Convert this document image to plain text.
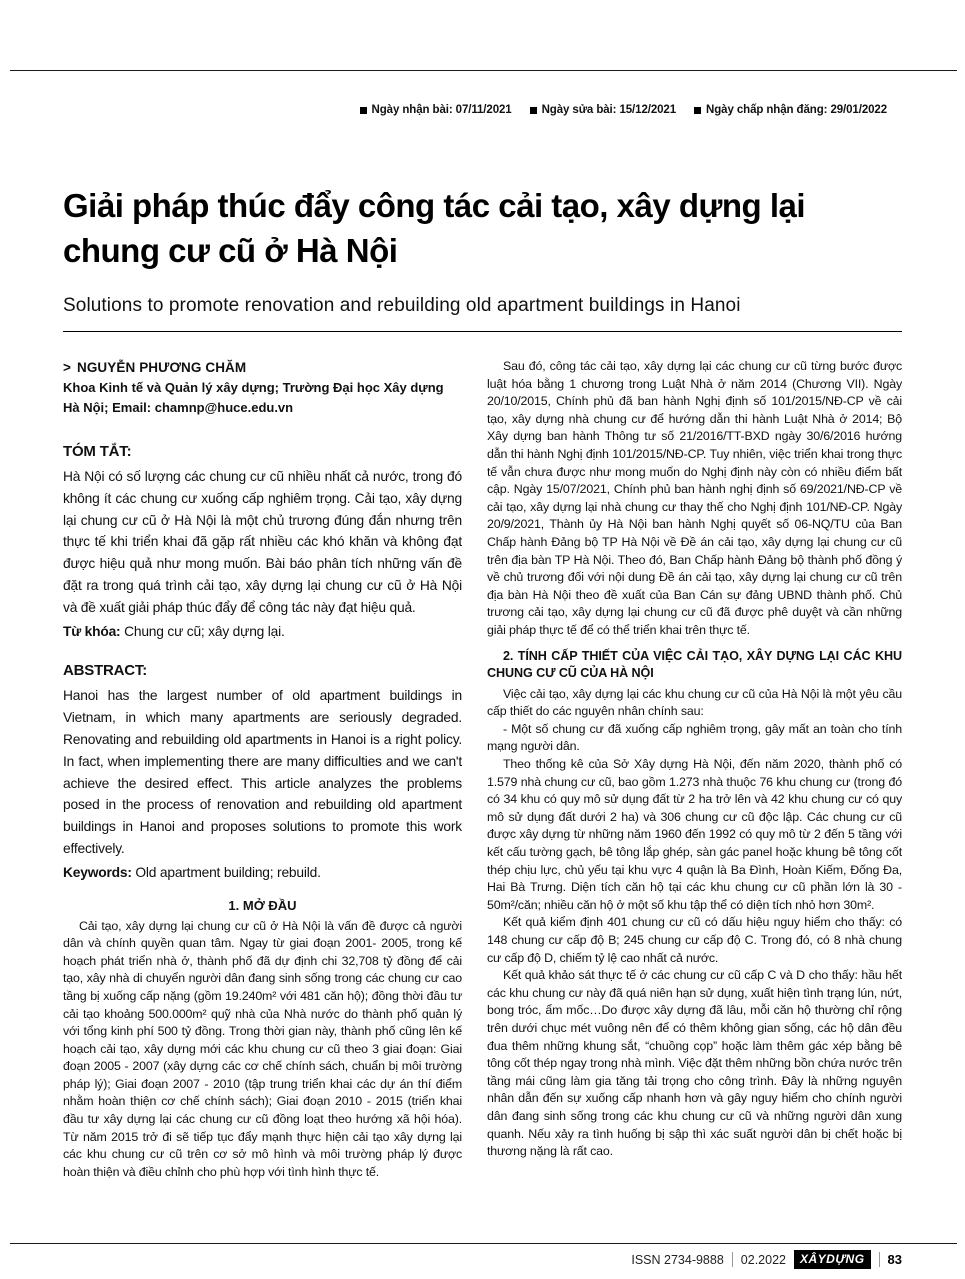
Ngày nhận bài: 07/11/2021	Ngày sửa bài: 15/12/2021	Ngày chấp nhận đăng: 29/01/2022
Giải pháp thúc đẩy công tác cải tạo, xây dựng lại chung cư cũ ở Hà Nội
Solutions to promote renovation and rebuilding old apartment buildings in Hanoi
> NGUYỄN PHƯƠNG CHĂM
Khoa Kinh tế và Quản lý xây dựng; Trường Đại học Xây dựng Hà Nội; Email: chamnp@huce.edu.vn
TÓM TẮT:
Hà Nội có số lượng các chung cư cũ nhiều nhất cả nước, trong đó không ít các chung cư xuống cấp nghiêm trọng. Cải tạo, xây dựng lại chung cư cũ ở Hà Nội là một chủ trương đúng đắn nhưng trên thực tế khi triển khai đã gặp rất nhiều các khó khăn và không đạt được hiệu quả như mong muốn. Bài báo phân tích những vấn đề đặt ra trong quá trình cải tạo, xây dựng lại chung cư cũ ở Hà Nội và đề xuất giải pháp thúc đẩy để công tác này đạt hiệu quả.
Từ khóa: Chung cư cũ; xây dựng lại.
ABSTRACT:
Hanoi has the largest number of old apartment buildings in Vietnam, in which many apartments are seriously degraded. Renovating and rebuilding old apartments in Hanoi is a right policy. In fact, when implementing there are many difficulties and we can't achieve the desired effect. This article analyzes the problems posed in the process of renovation and rebuilding old apartment buildings in Hanoi and proposes solutions to promote this work effectively.
Keywords: Old apartment building; rebuild.
1. MỞ ĐẦU

Cải tạo, xây dựng lại chung cư cũ ở Hà Nội là vấn đề được cả người dân và chính quyền quan tâm. Ngay từ giai đoạn 2001- 2005, trong kế hoạch phát triển nhà ở, thành phố đã dự định chi 32,708 tỷ đồng để cải tạo, xây nhà di chuyển người dân đang sinh sống trong các chung cư cao tầng bị xuống cấp nặng (gồm 19.240m² với 481 căn hộ); đồng thời đầu tư cải tạo khoảng 500.000m² quỹ nhà của Nhà nước do thành phố quản lý với tổng kinh phí 500 tỷ đồng. Trong thời gian này, thành phố cũng lên kế hoạch cải tạo, xây dựng mới các khu chung cư cũ theo 3 giai đoạn: Giai đoạn 2005 - 2007 (xây dựng các cơ chế chính sách, chuẩn bị môi trường pháp lý); Giai đoạn 2007 - 2010 (tập trung triển khai các dự án thí điểm nhằm hoàn thiện cơ chế chính sách); Giai đoạn 2010 - 2015 (triển khai đầu tư xây dựng lại các chung cư cũ đồng loạt theo hướng xã hội hóa). Từ năm 2015 trở đi sẽ tiếp tục đẩy mạnh thực hiện cải tạo xây dựng lại các khu chung cư cũ trên cơ sở mô hình và môi trường pháp lý được hoàn thiện và điều chỉnh cho phù hợp với tình hình thực tế.

Sau đó, công tác cải tạo, xây dựng lại các chung cư cũ từng bước được luật hóa bằng 1 chương trong Luật Nhà ở năm 2014 (Chương VII). Ngày 20/10/2015, Chính phủ đã ban hành Nghị định số 101/2015/NĐ-CP về cải tạo, xây dựng nhà chung cư để hướng dẫn thi hành Luật Nhà ở 2014; Bộ Xây dựng ban hành Thông tư số 21/2016/TT-BXD ngày 30/6/2016 hướng dẫn thi hành Nghị định 101/2015/NĐ-CP. Tuy nhiên, việc triển khai trong thực tế vẫn chưa được như mong muốn do Nghị định này còn có nhiều điểm bất cập. Ngày 15/07/2021, Chính phủ ban hành nghị định số 69/2021/NĐ-CP về cải tạo, xây dựng lại nhà chung cư thay thế cho Nghị định 101/NĐ-CP. Ngày 20/9/2021, Thành ủy Hà Nội ban hành Nghị quyết số 06-NQ/TU của Ban Chấp hành Đảng bộ TP Hà Nội về Đề án cải tạo, xây dựng lại chung cư cũ trên địa bàn TP Hà Nội. Theo đó, Ban Chấp hành Đảng bộ thành phố đồng ý về chủ trương đối với nội dung Đề án cải tạo, xây dựng lại chung cư cũ trên địa bàn Hà Nội theo đề xuất của Ban Cán sự đảng UBND thành phố. Chủ trương cải tạo, xây dựng lại chung cư cũ đã được phê duyệt và cần những giải pháp thực tế để có thể triển khai trên thực tế.

2. TÍNH CẤP THIẾT CỦA VIỆC CẢI TẠO, XÂY DỰNG LẠI CÁC KHU CHUNG CƯ CŨ CỦA HÀ NỘI

Việc cải tạo, xây dựng lại các khu chung cư cũ của Hà Nội là một yêu cầu cấp thiết do các nguyên nhân chính sau:

- Một số chung cư đã xuống cấp nghiêm trọng, gây mất an toàn cho tính mạng người dân.

Theo thống kê của Sở Xây dựng Hà Nội, đến năm 2020, thành phố có 1.579 nhà chung cư cũ, bao gồm 1.273 nhà thuộc 76 khu chung cư (trong đó có 34 khu có quy mô sử dụng đất từ 2 ha trở lên và 42 khu chung cư có quy mô sử dụng đất dưới 2 ha) và 306 chung cư cũ độc lập. Các chung cư cũ được xây dựng từ những năm 1960 đến 1992 có quy mô từ 2 đến 5 tầng với kết cấu tường gạch, bê tông lắp ghép, sàn gác panel hoặc khung bê tông cốt thép chịu lực, chủ yếu tại khu vực 4 quận là Ba Đình, Hoàn Kiếm, Đống Đa, Hai Bà Trưng. Diện tích căn hộ tại các khu chung cư cũ phần lớn là 30 - 50m²/căn; nhiều căn hộ ở một số khu tập thể có diện tích nhỏ hơn 30m².

Kết quả kiểm định 401 chung cư cũ có dấu hiệu nguy hiểm cho thấy: có 148 chung cư cấp độ B; 245 chung cư cấp độ C. Trong đó, có 8 nhà chung cư cấp độ D, chiếm tỷ lệ cao nhất cả nước.

Kết quả khảo sát thực tế ở các chung cư cũ cấp C và D cho thấy: hầu hết các khu chung cư này đã quá niên hạn sử dụng, xuất hiện tình trạng lún, nứt, bong tróc, ẩm mốc…Do được xây dựng đã lâu, mỗi căn hộ thường chỉ rộng trên dưới chục mét vuông nên để có thêm không gian sống, các hộ dân đều đua thêm những khung sắt, “chuồng cọp” hoặc làm thêm gác xép bằng bê tông cốt thép ngay trong nhà mình. Việc đặt thêm những bồn chứa nước trên tầng mái cũng làm gia tăng tải trọng cho công trình. Đây là những nguyên nhân dẫn đến sự xuống cấp nhanh hơn và gây nguy hiểm cho chính người dân đang sinh sống trong các khu chung cư cũ và những người dân xung quanh. Nếu xảy ra tình huống bị sập thì xác suất người dân bị chết hoặc bị thương nặng là rất cao.

ISSN 2734-9888 02.2022	XÂYDỰNG	83
